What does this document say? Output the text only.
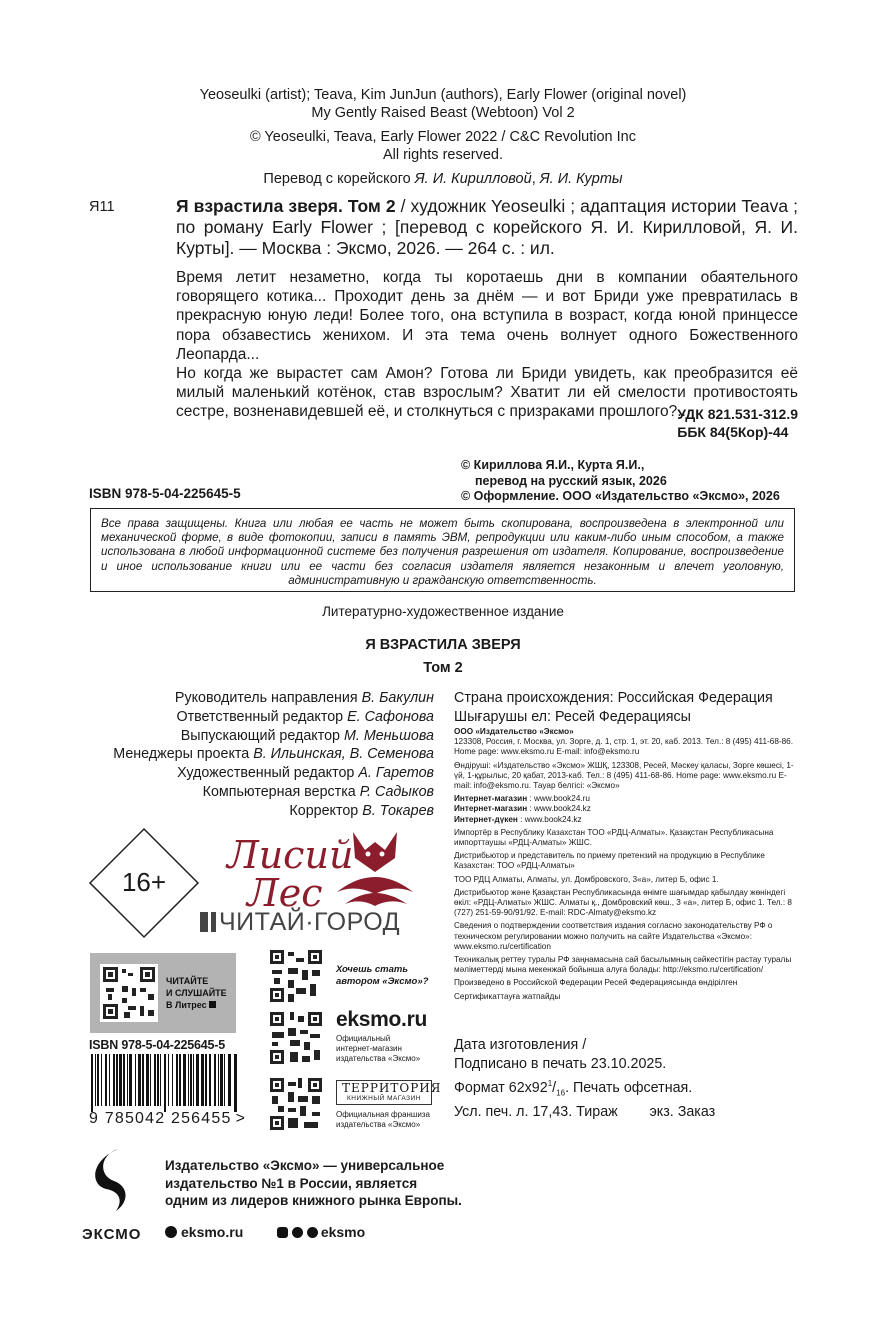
Yeoseulki (artist); Teava, Kim JunJun (authors), Early Flower (original novel)
My Gently Raised Beast (Webtoon) Vol 2
© Yeoseulki, Teava, Early Flower 2022 / C&C Revolution Inc
All rights reserved.
Перевод с корейского Я. И. Кирилловой, Я. И. Курты
Я11	Я взрастила зверя. Том 2 / художник Yeoseulki ; адаптация истории Teava ; по роману Early Flower ; [перевод с корейского Я. И. Кирилловой, Я. И. Курты]. — Москва : Эксмо, 2026. — 264 с. : ил.

Время летит незаметно, когда ты коротаешь дни в компании обаятельного говорящего котика... Проходит день за днём — и вот Бриди уже превратилась в прекрасную юную леди! Более того, она вступила в возраст, когда юной принцессе пора обзавестись женихом. И эта тема очень волнует одного Божественного Леопарда...

Но когда же вырастет сам Амон? Готова ли Бриди увидеть, как преобразится её милый маленький котёнок, став взрослым? Хватит ли ей смелости противостоять сестре, возненавидевшей её, и столкнуться с призраками прошлого?..

УДК 821.531-312.9
ББК 84(5Кор)-44
© Кириллова Я.И., Курта Я.И.,
перевод на русский язык, 2026
© Оформление. ООО «Издательство «Эксмо», 2026
ISBN 978-5-04-225645-5
Все права защищены. Книга или любая ее часть не может быть скопирована, воспроизведена в электронной или механической форме, в виде фотокопии, записи в память ЭВМ, репродукции или каким-либо иным способом, а также использована в любой информационной системе без получения разрешения от издателя. Копирование, воспроизведение и иное использование книги или ее части без согласия издателя является незаконным и влечет уголовную, административную и гражданскую ответственность.
Литературно-художественное издание
Я ВЗРАСТИЛА ЗВЕРЯ
Том 2
Руководитель направления В. Бакулин
Ответственный редактор Е. Сафонова
Выпускающий редактор М. Меньшова
Менеджеры проекта В. Ильинская, В. Семенова
Художественный редактор А. Гаретов
Компьютерная верстка Р. Садыков
Корректор В. Токарев
Страна происхождения: Российская Федерация
Шығарушы ел: Ресей Федерациясы

ООО «Издательство «Эксмо»
123308, Россия, г. Москва, ул. Зорге, д. 1, стр. 1, эт. 20, каб. 2013. Тел.: 8 (495) 411-68-86. Home page: www.eksmo.ru E-mail: info@eksmo.ru

Өндіруші: «Издательство «Эксмо» ЖШҚ, 123308, Ресей, Мәскеу қаласы, Зорге көшесі, 1-үй, 1-құрылыс, 20 қабат, 2013-каб. Тел.: 8 (495) 411-68-86. Home page: www.eksmo.ru E-mail: info@eksmo.ru. Тауар белгісі: «Эксмо»

Интернет-магазин : www.book24.ru

Интернет-магазин : www.book24.kz

Интернет-дүкен : www.book24.kz

Импортёр в Республику Казахстан ТОО «РДЦ-Алматы». Қазақстан Республикасына импорттаушы «РДЦ-Алматы» ЖШС.

Дистрибьютор и представитель по приему претензий на продукцию в Республике Казахстан: ТОО «РДЦ-Алматы»

ТОО РДЦ Алматы, Алматы, ул. Домбровского, 3«а», литер Б, офис 1.

Дистрибьютор және Қазақстан Республикасында өнімге шағымдар қабылдау жөніндегі өкіл: «РДЦ-Алматы» ЖШС. Алматы қ., Домбровский көш., 3 «а», литер Б, офис 1. Тел.: 8 (727) 251-59-90/91/92. E-mail: RDC-Almaty@eksmo.kz

Сведения о подтверждении соответствия издания согласно законодательству РФ о техническом регулировании можно получить на сайте Издательства «Эксмо»: www.eksmo.ru/certification

Техникалық реттеу туралы РФ заңнамасына сай басылымның сәйкестігін растау туралы мәліметтерді мына мекенжай бойынша алуға болады: http://eksmo.ru/certification/

Произведено в Российской Федерации Ресей Федерациясында өндірілген

Сертификаттауға жатпайды

Дата изготовления /
Подписано в печать 23.10.2025.
Формат $62x92^1/_{16}$. Печать офсетная.
Усл. печ. л. 17,43. Тираж        экз. Заказ
16+
Лисий
Лес
ЧИТАЙ·ГОРОД
ЧИТАЙТЕ
И СЛУШАЙТЕ
В Литрес
ISBN 978-5-04-225645-5
9 785042 256455 >
Хочешь стать
автором «Эксмо»?
eksmo.ru
Официальный
интернет-магазин
издательства «Эксмо»
ТЕРРИТОРИЯ
КНИЖНЫЙ МАГАЗИН
Официальная франшиза
издательства «Эксмо»
ЭКСМО
Издательство «Эксмо» — универсальное
издательство №1 в России, является
одним из лидеров книжного рынка Европы.
eksmo.ru	eksmo
